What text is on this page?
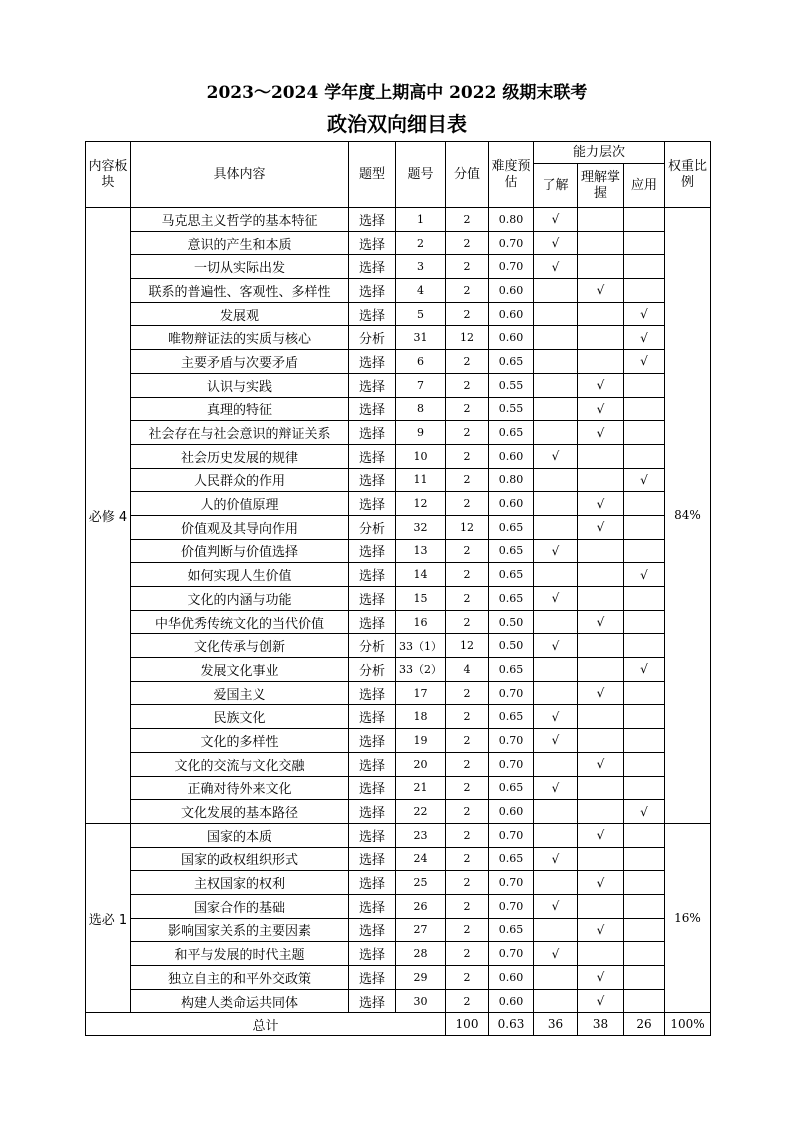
2023～2024 学年度上期高中 2022 级期末联考
政治双向细目表
内容板块	具体内容	题型	题号	分值	难度预估	能力层次			权重比例
						了解	理解掌握	应用	
必修 4	马克思主义哲学的基本特征	选择	1	2	0.80	√			84%
	意识的产生和本质	选择	2	2	0.70	√			
	一切从实际出发	选择	3	2	0.70	√			
	联系的普遍性、客观性、多样性	选择	4	2	0.60		√		
	发展观	选择	5	2	0.60			√	
	唯物辩证法的实质与核心	分析	31	12	0.60			√	
	主要矛盾与次要矛盾	选择	6	2	0.65			√	
	认识与实践	选择	7	2	0.55		√		
	真理的特征	选择	8	2	0.55		√		
	社会存在与社会意识的辩证关系	选择	9	2	0.65		√		
	社会历史发展的规律	选择	10	2	0.60	√			
	人民群众的作用	选择	11	2	0.80			√	
	人的价值原理	选择	12	2	0.60		√		
	价值观及其导向作用	分析	32	12	0.65		√		
	价值判断与价值选择	选择	13	2	0.65	√			
	如何实现人生价值	选择	14	2	0.65			√	
	文化的内涵与功能	选择	15	2	0.65	√			
	中华优秀传统文化的当代价值	选择	16	2	0.50		√		
	文化传承与创新	分析	33（1）	12	0.50	√			
	发展文化事业	分析	33（2）	4	0.65			√	
	爱国主义	选择	17	2	0.70		√		
	民族文化	选择	18	2	0.65	√			
	文化的多样性	选择	19	2	0.70	√			
	文化的交流与文化交融	选择	20	2	0.70		√		
	正确对待外来文化	选择	21	2	0.65	√			
	文化发展的基本路径	选择	22	2	0.60			√	
选必 1	国家的本质	选择	23	2	0.70		√		16%
	国家的政权组织形式	选择	24	2	0.65	√			
	主权国家的权利	选择	25	2	0.70		√		
	国家合作的基础	选择	26	2	0.70	√			
	影响国家关系的主要因素	选择	27	2	0.65		√		
	和平与发展的时代主题	选择	28	2	0.70	√			
	独立自主的和平外交政策	选择	29	2	0.60		√		
	构建人类命运共同体	选择	30	2	0.60		√		
总计				100	0.63	36	38	26	100%
